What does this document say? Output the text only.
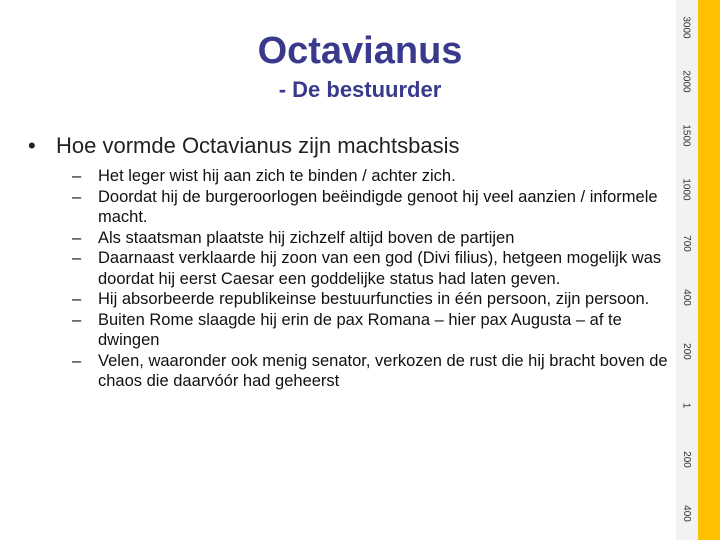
Octavianus
- De bestuurder
• Hoe vormde Octavianus zijn machtsbasis
– Het leger wist hij aan zich te binden / achter zich.
– Doordat hij de burgeroorlogen beëindigde genoot hij veel aanzien / informele macht.
– Als staatsman plaatste hij zichzelf altijd boven de partijen
– Daarnaast verklaarde hij zoon van een god (Divi filius), hetgeen mogelijk was doordat hij eerst Caesar een goddelijke status had laten geven.
– Hij absorbeerde republikeinse bestuurfuncties in één persoon, zijn persoon.
– Buiten Rome slaagde hij erin de pax Romana – hier pax Augusta – af te dwingen
– Velen, waaronder ook menig senator, verkozen de rust die hij bracht boven de chaos die daarvóór had geheerst
3000
2000
1500
1000
700
400
200
1
200
400
